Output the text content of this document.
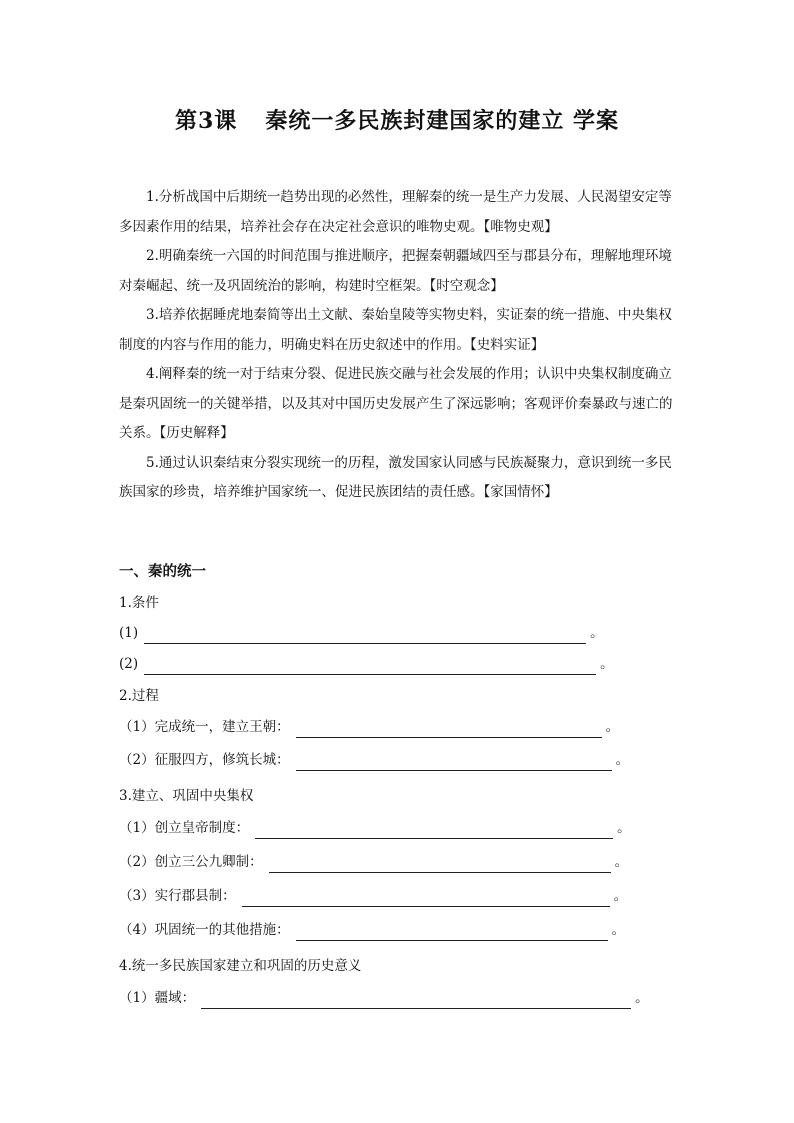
第3课 秦统一多民族封建国家的建立 学案

1.分析战国中后期统一趋势出现的必然性，理解秦的统一是生产力发展、人民渴望安定等多因素作用的结果，培养社会存在决定社会意识的唯物史观。【唯物史观】

2.明确秦统一六国的时间范围与推进顺序，把握秦朝疆域四至与郡县分布，理解地理环境对秦崛起、统一及巩固统治的影响，构建时空框架。【时空观念】

3.培养依据睡虎地秦简等出土文献、秦始皇陵等实物史料，实证秦的统一措施、中央集权制度的内容与作用的能力，明确史料在历史叙述中的作用。【史料实证】

4.阐释秦的统一对于结束分裂、促进民族交融与社会发展的作用；认识中央集权制度确立是秦巩固统一的关键举措，以及其对中国历史发展产生了深远影响；客观评价秦暴政与速亡的关系。【历史解释】

5.通过认识秦结束分裂实现统一的历程，激发国家认同感与民族凝聚力，意识到统一多民族国家的珍贵，培养维护国家统一、促进民族团结的责任感。【家国情怀】

一、秦的统一
1.条件
(1)	。
(2)	。
2.过程
（1）完成统一，建立王朝：	。
（2）征服四方，修筑长城：	。
3.建立、巩固中央集权
（1）创立皇帝制度：	。
（2）创立三公九卿制：	。
（3）实行郡县制：	。
（4）巩固统一的其他措施：	。
4.统一多民族国家建立和巩固的历史意义
（1）疆域：	。
